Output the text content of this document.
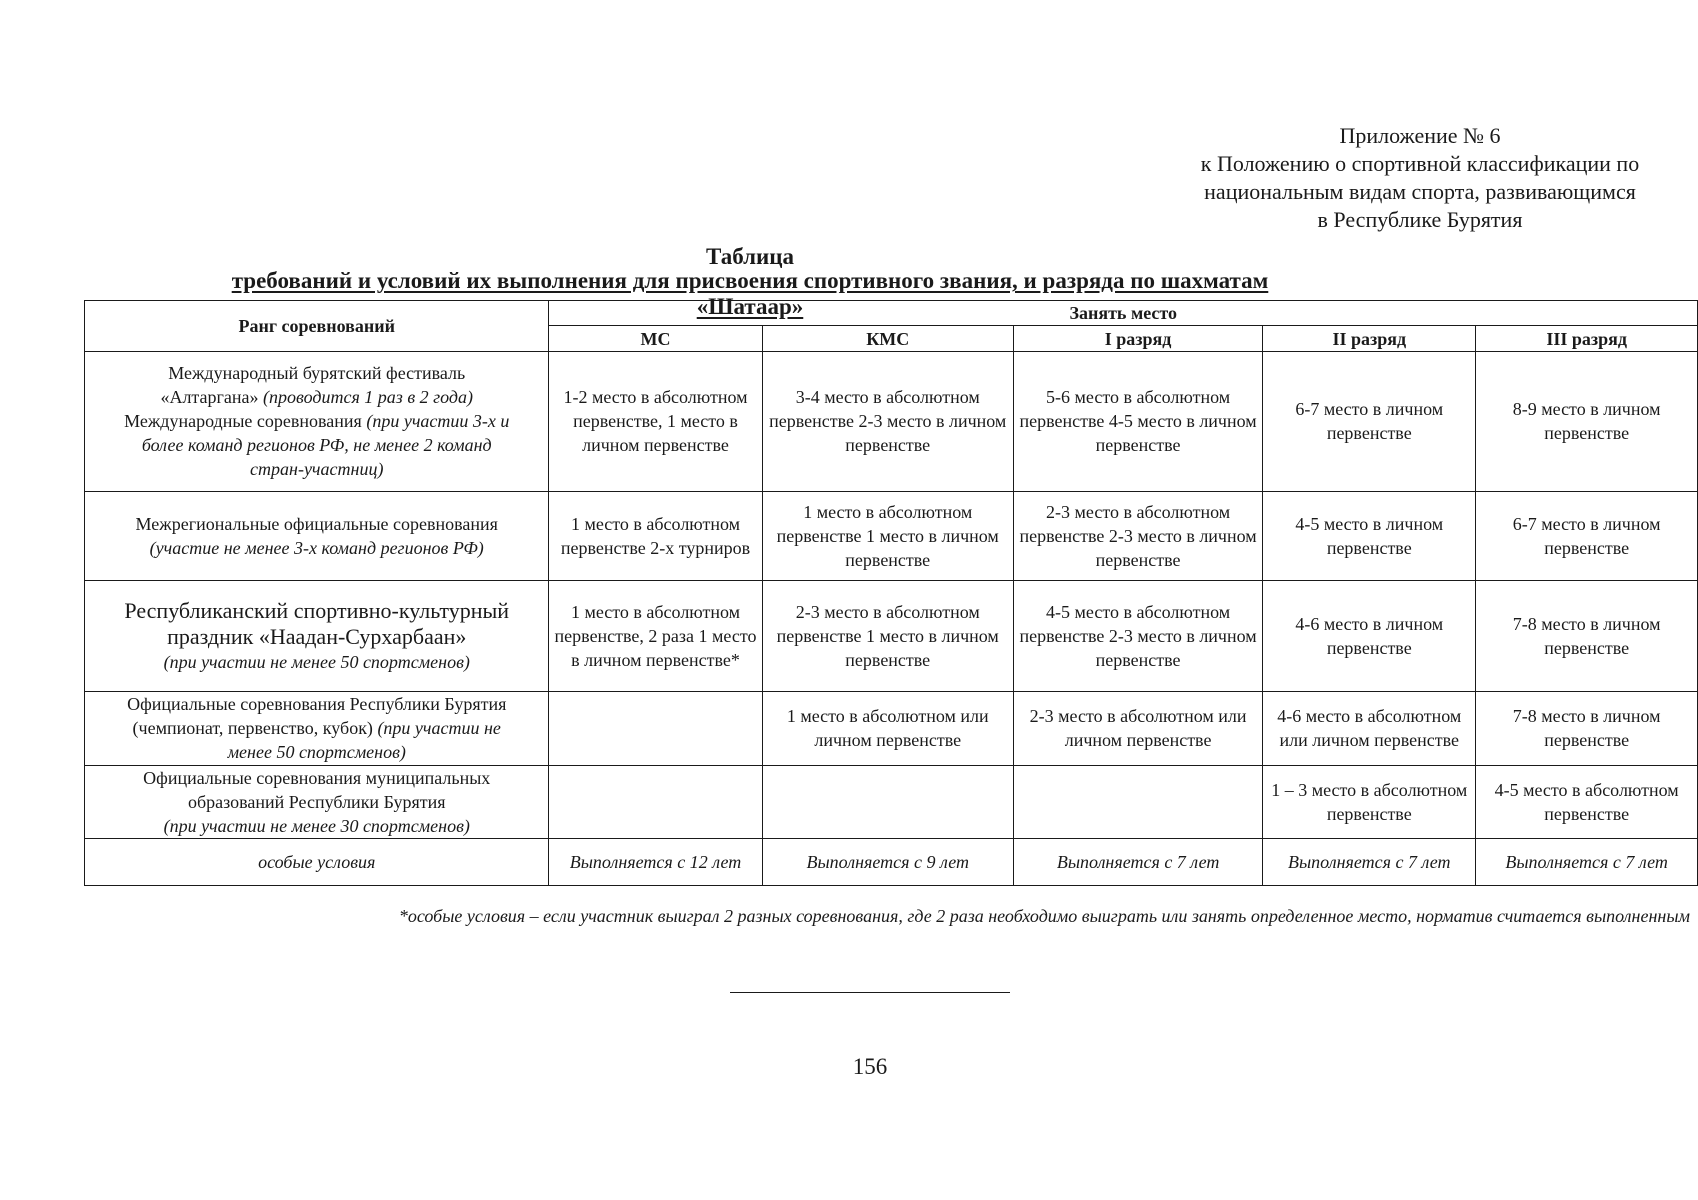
Приложение № 6
к Положению о спортивной классификации по
национальным видам спорта, развивающимся
в Республике Бурятия
Таблица
требований и условий их выполнения для присвоения спортивного звания, и разряда по шахматам «Шатаар»
Ранг соревнований	Занять место				
	МС	КМС	I разряд	II разряд	III разряд

Международный бурятский фестиваль
«Алтаргана» (проводится 1 раз в 2 года)
Международные соревнования (при участии 3-х и
более команд регионов РФ, не менее 2 команд
стран-участниц)	1-2 место в абсолютном первенстве, 1 место в личном первенстве	3-4 место в абсолютном первенстве 2-3 место в личном первенстве	5-6 место в абсолютном первенстве 4-5 место в личном первенстве	6-7 место в личном первенстве	8-9 место в личном первенстве

Межрегиональные официальные соревнования
(участие не менее 3-х команд регионов РФ)	1 место в абсолютном первенстве 2-х турниров	1 место в абсолютном первенстве 1 место в личном первенстве	2-3 место в абсолютном первенстве 2-3 место в личном первенстве	4-5 место в личном первенстве	6-7 место в личном первенстве

Республиканский спортивно-культурный
праздник «Наадан-Сурхарбаан»
(при участии не менее 50 спортсменов)	1 место в абсолютном первенстве, 2 раза 1 место в личном первенстве*	2-3 место в абсолютном первенстве 1 место в личном первенстве	4-5 место в абсолютном первенстве 2-3 место в личном первенстве	4-6 место в личном первенстве	7-8 место в личном первенстве

Официальные соревнования Республики Бурятия
(чемпионат, первенство, кубок) (при участии не
менее 50 спортсменов)		1 место в абсолютном или личном первенстве	2-3 место в абсолютном или личном первенстве	4-6 место в абсолютном или личном первенстве	7-8 место в личном первенстве

Официальные соревнования муниципальных
образований Республики Бурятия
(при участии не менее 30 спортсменов)				1 – 3 место в абсолютном первенстве	4-5 место в абсолютном первенстве

особые условия	Выполняется с 12 лет	Выполняется с 9 лет	Выполняется с 7 лет	Выполняется с 7 лет	Выполняется с 7 лет
*особые условия – если участник выиграл 2 разных соревнования, где 2 раза необходимо выиграть или занять определенное место, норматив считается выполненным
156
